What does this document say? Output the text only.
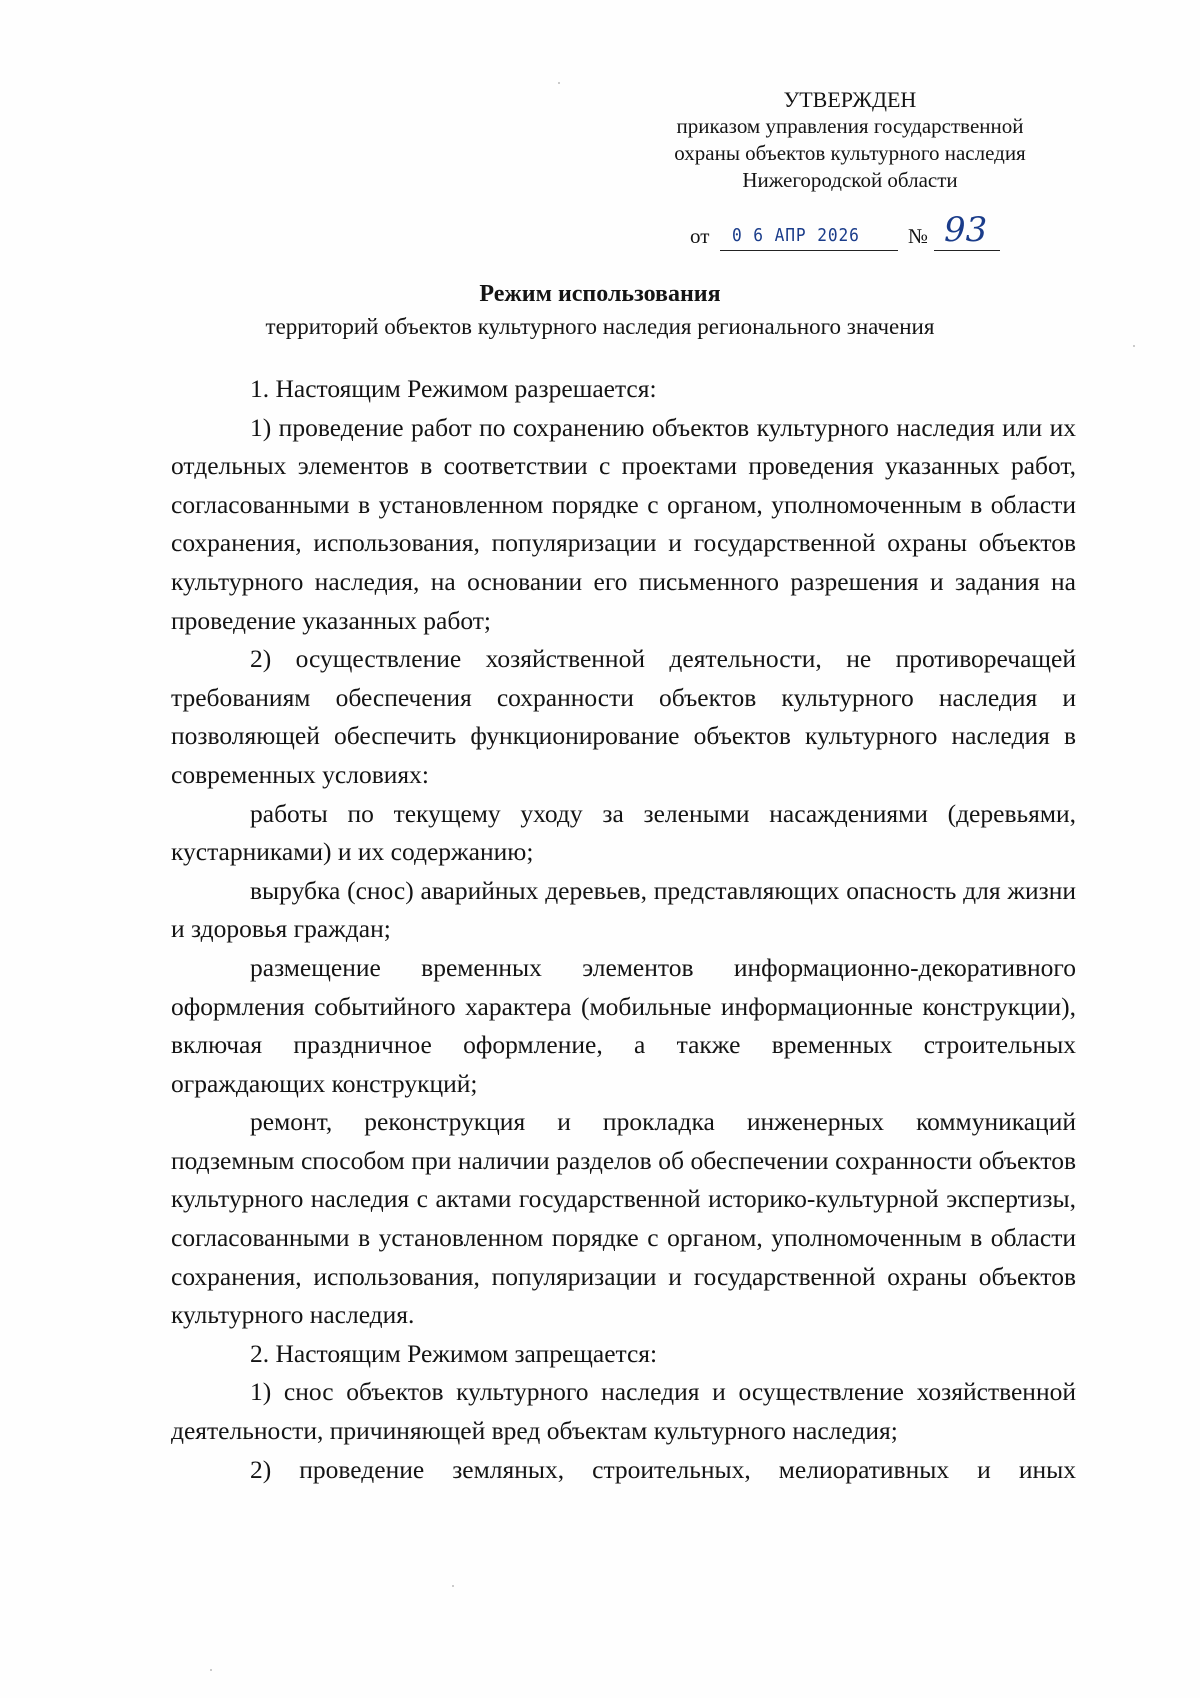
УТВЕРЖДЕН
приказом управления государственной
охраны объектов культурного наследия
Нижегородской области
от 0 6 АПР 2026 № 93
Режим использования
территорий объектов культурного наследия регионального значения

1. Настоящим Режимом разрешается:

1) проведение работ по сохранению объектов культурного наследия или их отдельных элементов в соответствии с проектами проведения указанных работ, согласованными в установленном порядке с органом, уполномоченным в области сохранения, использования, популяризации и государственной охраны объектов культурного наследия, на основании его письменного разрешения и задания на проведение указанных работ;

2) осуществление хозяйственной деятельности, не противоречащей требованиям обеспечения сохранности объектов культурного наследия и позволяющей обеспечить функционирование объектов культурного наследия в современных условиях:

работы по текущему уходу за зелеными насаждениями (деревьями, кустарниками) и их содержанию;

вырубка (снос) аварийных деревьев, представляющих опасность для жизни и здоровья граждан;

размещение временных элементов информационно-декоративного оформления событийного характера (мобильные информационные конструкции), включая праздничное оформление, а также временных строительных ограждающих конструкций;

ремонт, реконструкция и прокладка инженерных коммуникаций подземным способом при наличии разделов об обеспечении сохранности объектов культурного наследия с актами государственной историко-культурной экспертизы, согласованными в установленном порядке с органом, уполномоченным в области сохранения, использования, популяризации и государственной охраны объектов культурного наследия.

2. Настоящим Режимом запрещается:

1) снос объектов культурного наследия и осуществление хозяйственной деятельности, причиняющей вред объектам культурного наследия;

2) проведение земляных, строительных, мелиоративных и иных
